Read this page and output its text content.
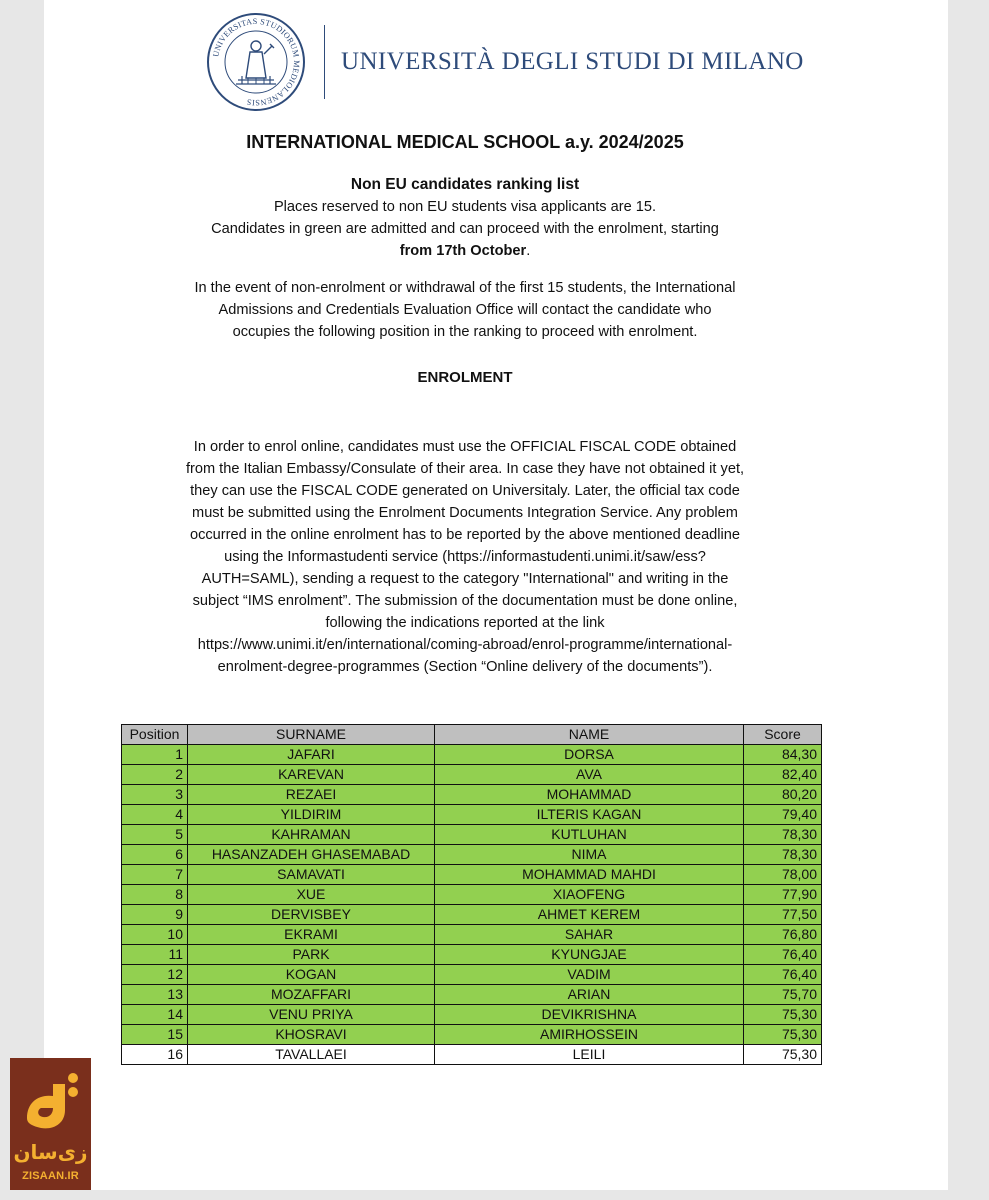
UNIVERSITAS STUDIORUM MEDIOLANENSIS
UNIVERSITÀ DEGLI STUDI DI MILANO
INTERNATIONAL MEDICAL SCHOOL a.y. 2024/2025

Non EU candidates ranking list

Places reserved to non EU students visa applicants are 15.

Candidates in green are admitted and can proceed with the enrolment, starting

from 17th October.

In the event of non-enrolment or withdrawal of the first 15 students, the International Admissions and Credentials Evaluation Office will contact the candidate who occupies the following position in the ranking to proceed with enrolment.
ENROLMENT
In order to enrol online, candidates must use the OFFICIAL FISCAL CODE obtained from the Italian Embassy/Consulate of their area. In case they have not obtained it yet, they can use the FISCAL CODE generated on Universitaly. Later, the official tax code must be submitted using the Enrolment Documents Integration Service. Any problem occurred in the online enrolment has to be reported by the above mentioned deadline using the Informastudenti service (https://informastudenti.unimi.it/saw/ess?AUTH=SAML), sending a request to the category "International" and writing in the subject “IMS enrolment”. The submission of the documentation must be done online, following the indications reported at the link https://www.unimi.it/en/international/coming-abroad/enrol-programme/international-enrolment-degree-programmes (Section “Online delivery of the documents”).
Position	SURNAME	NAME	Score
1	JAFARI	DORSA	84,30
2	KAREVAN	AVA	82,40
3	REZAEI	MOHAMMAD	80,20
4	YILDIRIM	ILTERIS KAGAN	79,40
5	KAHRAMAN	KUTLUHAN	78,30
6	HASANZADEH GHASEMABAD	NIMA	78,30
7	SAMAVATI	MOHAMMAD MAHDI	78,00
8	XUE	XIAOFENG	77,90
9	DERVISBEY	AHMET KEREM	77,50
10	EKRAMI	SAHAR	76,80
11	PARK	KYUNGJAE	76,40
12	KOGAN	VADIM	76,40
13	MOZAFFARI	ARIAN	75,70
14	VENU PRIYA	DEVIKRISHNA	75,30
15	KHOSRAVI	AMIRHOSSEIN	75,30
16	TAVALLAEI	LEILI	75,30
زی‌سان
ZISAAN.IR
